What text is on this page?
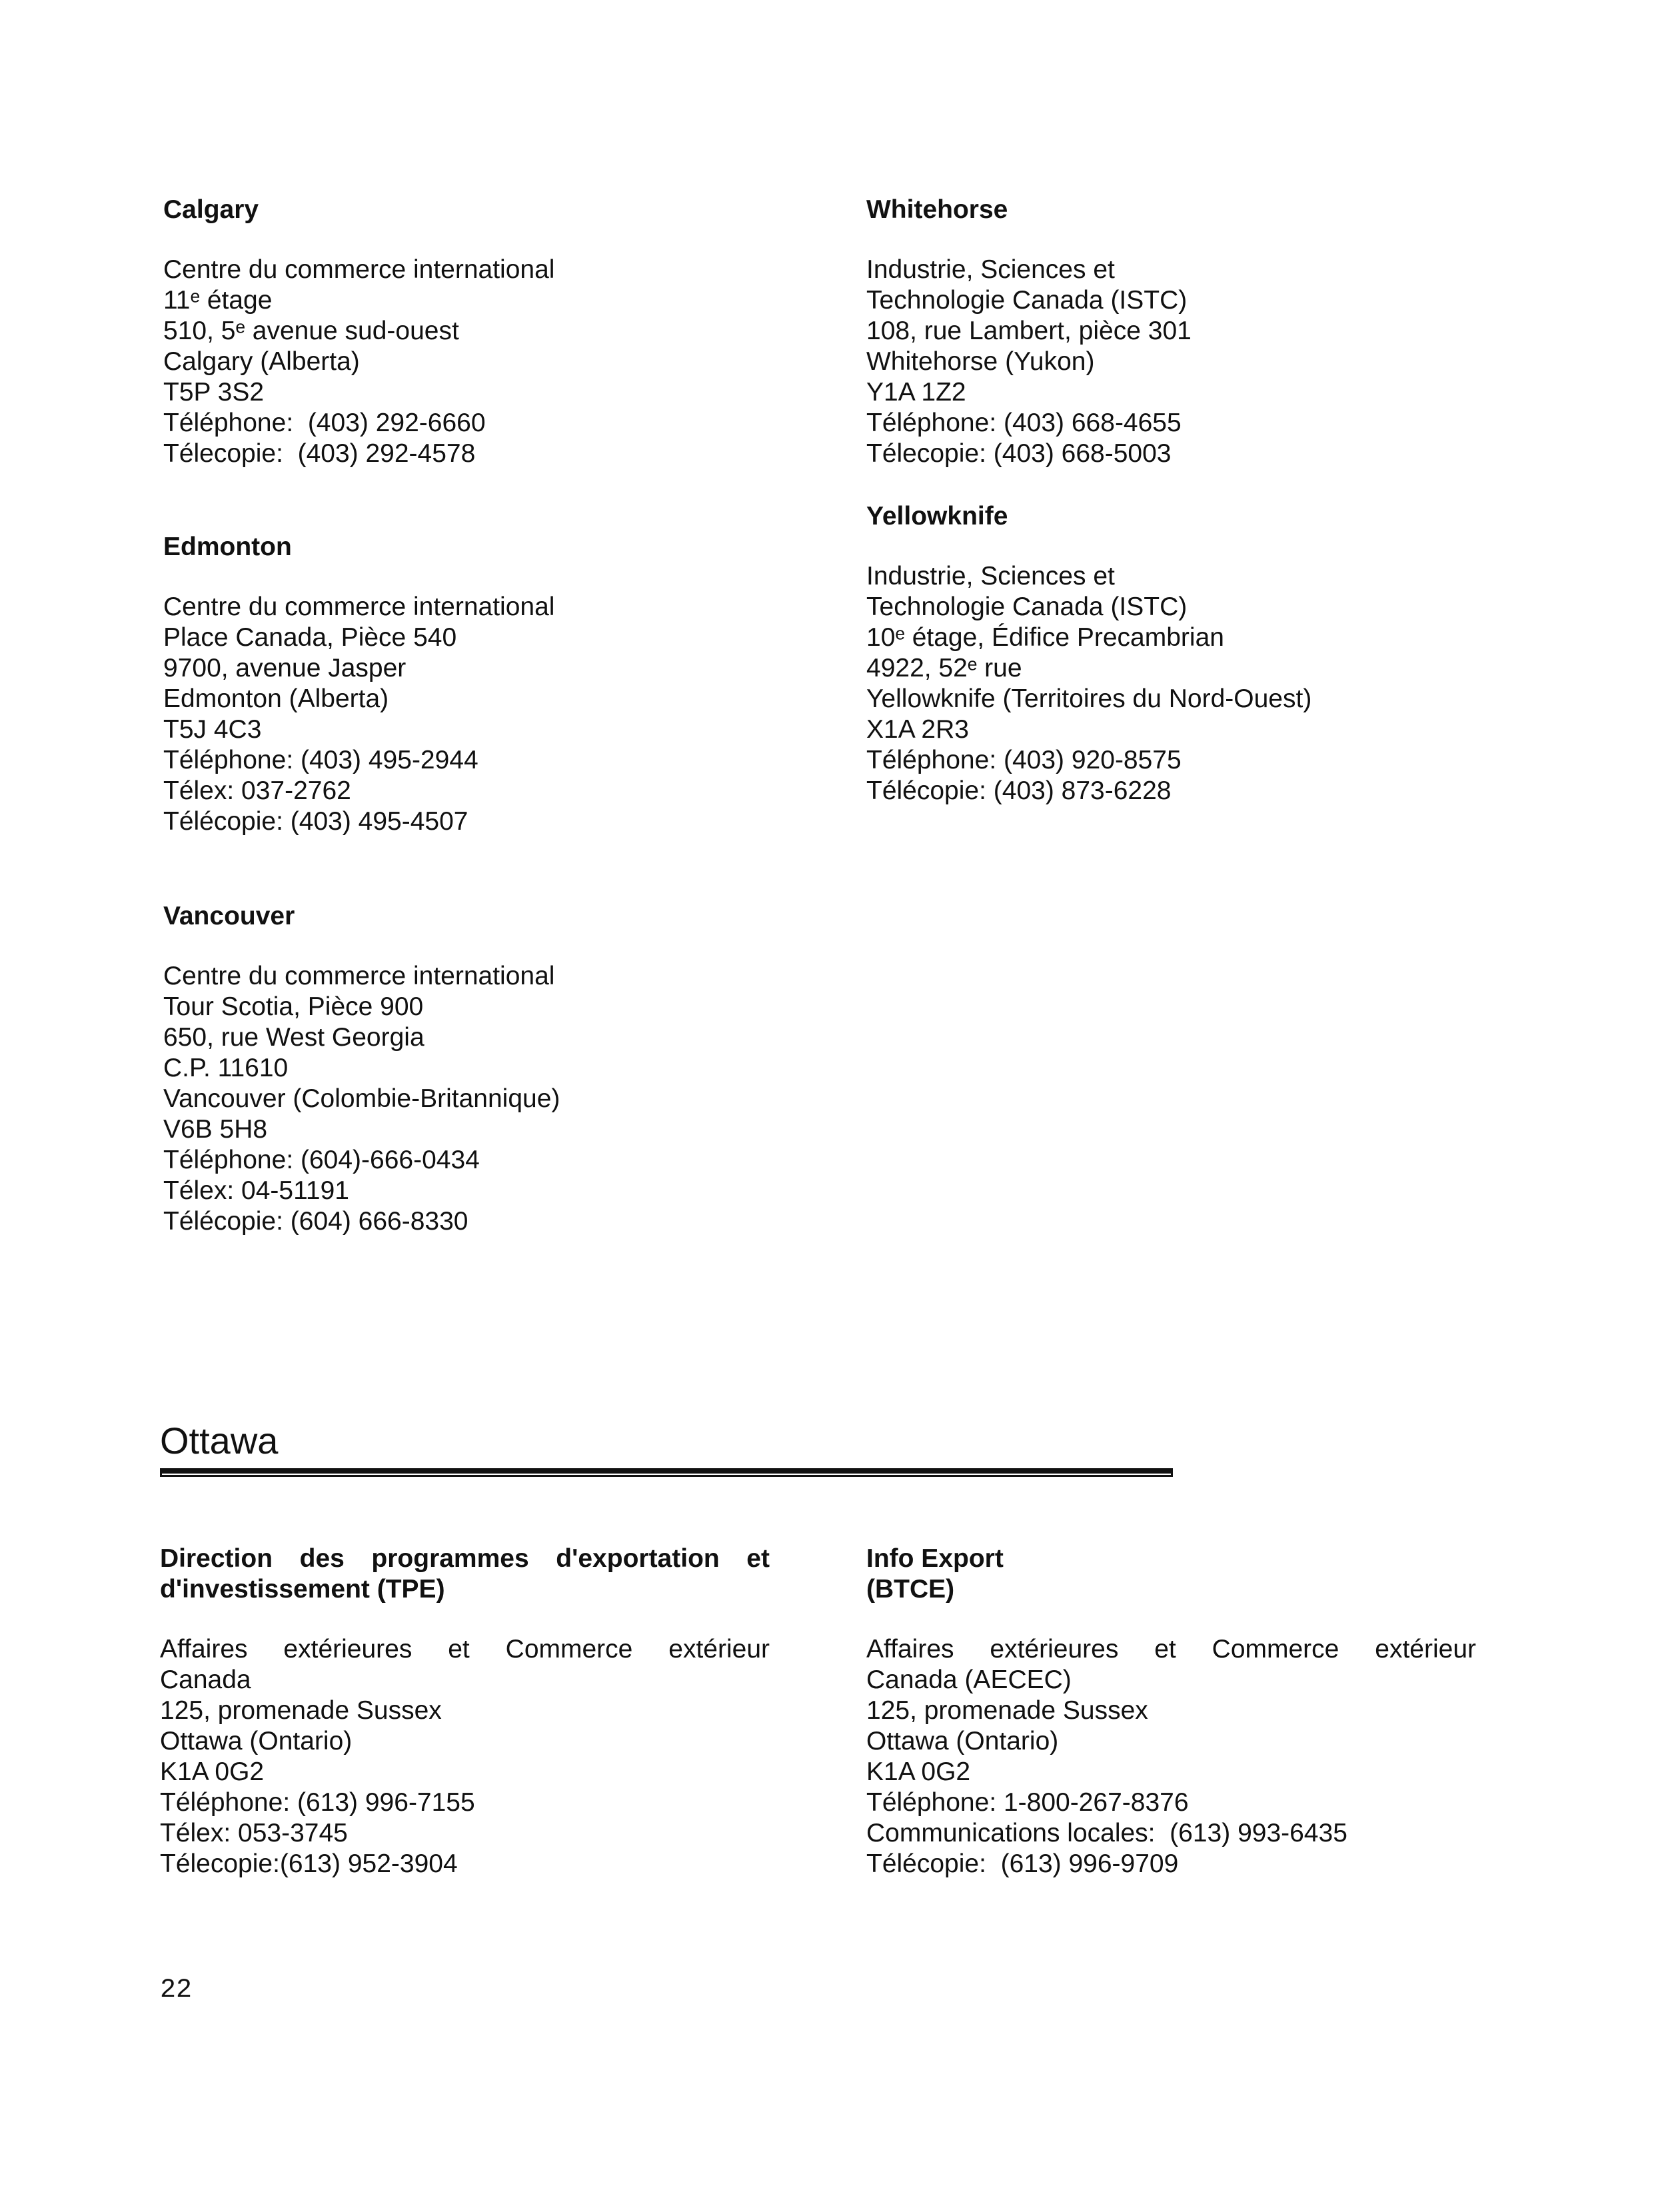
Calgary
Centre du commerce international
11ᵉ étage
510, 5ᵉ avenue sud-ouest
Calgary (Alberta)
T5P 3S2
Téléphone:  (403) 292-6660
Télecopie:  (403) 292-4578
Edmonton
Centre du commerce international
Place Canada, Pièce 540
9700, avenue Jasper
Edmonton (Alberta)
T5J 4C3
Téléphone: (403) 495-2944
Télex: 037-2762
Télécopie: (403) 495-4507
Vancouver
Centre du commerce international
Tour Scotia, Pièce 900
650, rue West Georgia
C.P. 11610
Vancouver (Colombie-Britannique)
V6B 5H8
Téléphone: (604)-666-0434
Télex: 04-51191
Télécopie: (604) 666-8330
Whitehorse
Industrie, Sciences et
Technologie Canada (ISTC)
108, rue Lambert, pièce 301
Whitehorse (Yukon)
Y1A 1Z2
Téléphone: (403) 668-4655
Télecopie: (403) 668-5003
Yellowknife
Industrie, Sciences et
Technologie Canada (ISTC)
10ᵉ étage, Édifice Precambrian
4922, 52ᵉ rue
Yellowknife (Territoires du Nord-Ouest)
X1A 2R3
Téléphone: (403) 920-8575
Télécopie: (403) 873-6228
Ottawa
Direction des programmes d'exportation et
d'investissement (TPE)
Affaires extérieures et Commerce extérieur
Canada
125, promenade Sussex
Ottawa (Ontario)
K1A 0G2
Téléphone: (613) 996-7155
Télex: 053-3745
Télecopie:(613) 952-3904
Info Export
(BTCE)
Affaires extérieures et Commerce extérieur
Canada (AECEC)
125, promenade Sussex
Ottawa (Ontario)
K1A 0G2
Téléphone: 1-800-267-8376
Communications locales:  (613) 993-6435
Télécopie:  (613) 996-9709
22
